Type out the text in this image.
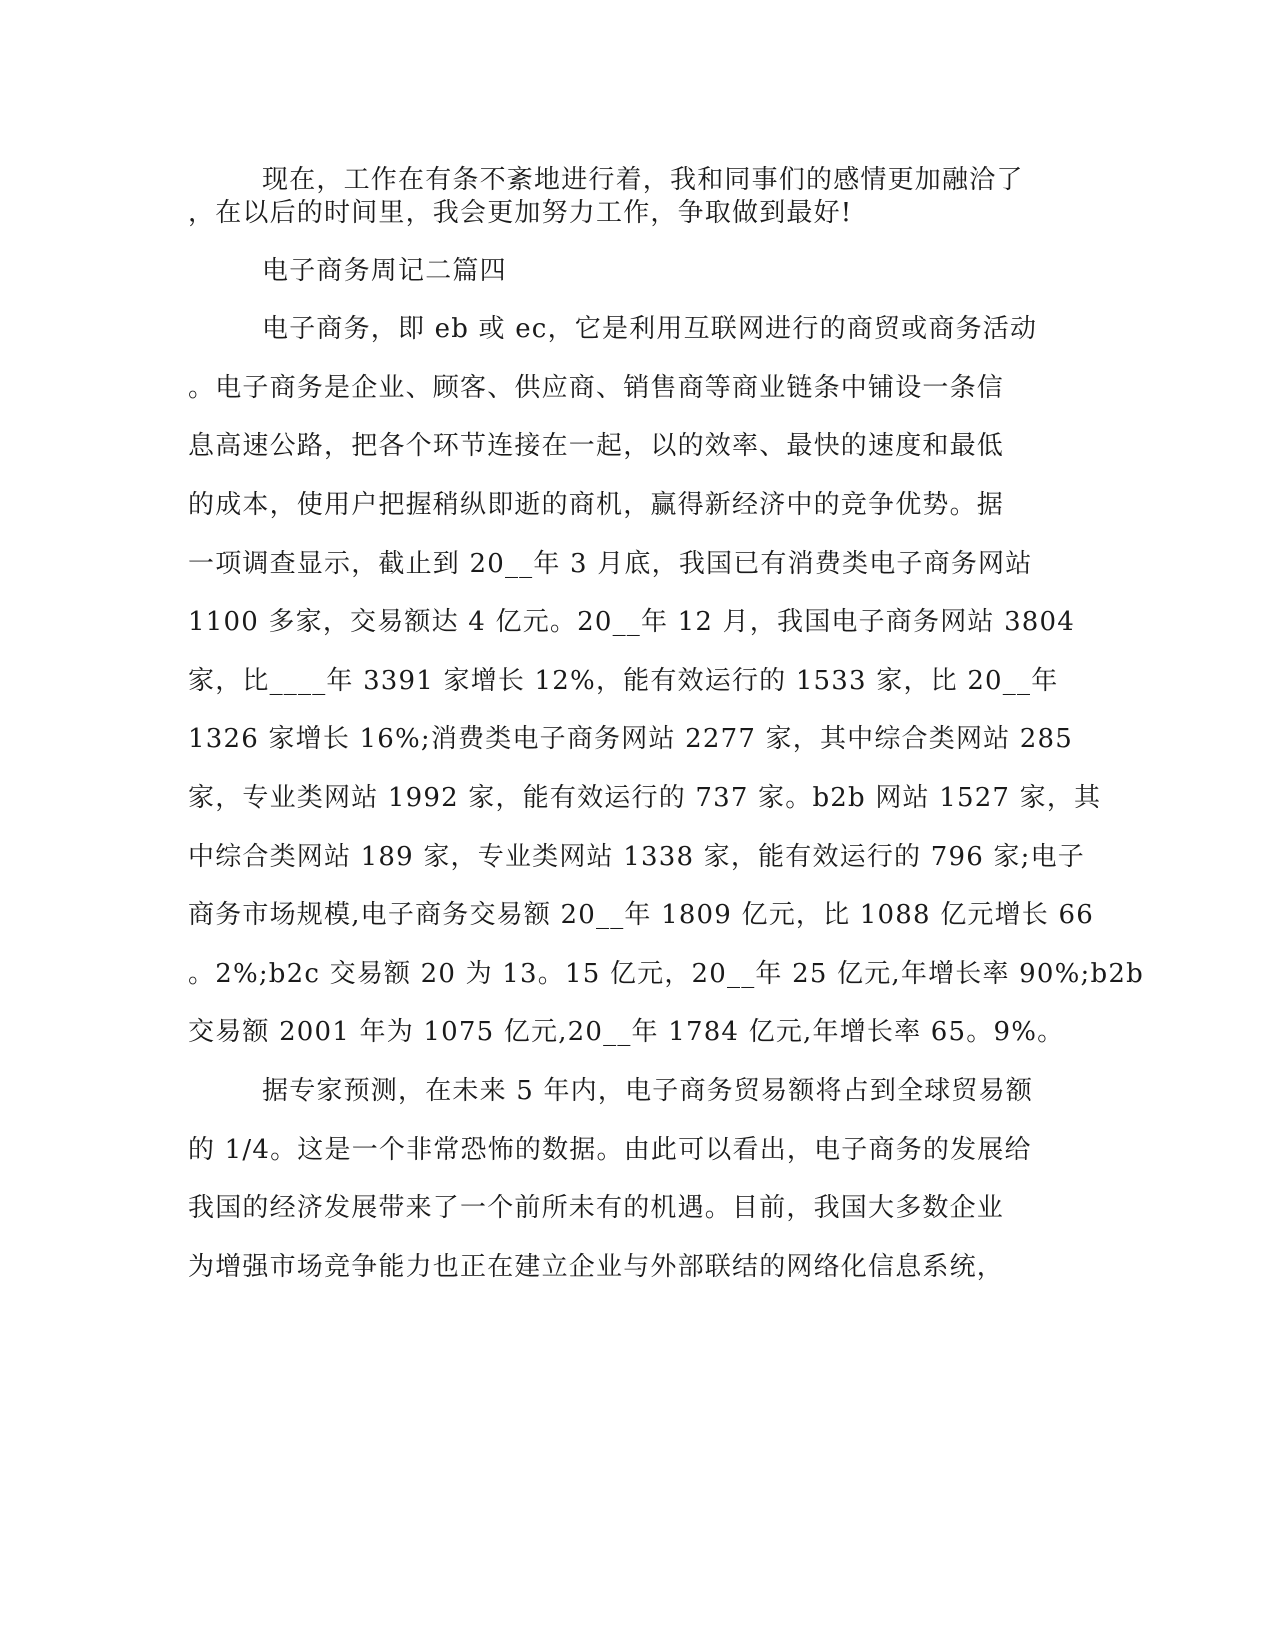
现在，工作在有条不紊地进行着，我和同事们的感情更加融洽了

，在以后的时间里，我会更加努力工作，争取做到最好!

电子商务周记二篇四

电子商务，即 eb 或 ec，它是利用互联网进行的商贸或商务活动

。电子商务是企业、顾客、供应商、销售商等商业链条中铺设一条信

息高速公路，把各个环节连接在一起，以的效率、最快的速度和最低

的成本，使用户把握稍纵即逝的商机，赢得新经济中的竞争优势。据

一项调查显示，截止到 20__年 3 月底，我国已有消费类电子商务网站

1100 多家，交易额达 4 亿元。20__年 12 月，我国电子商务网站 3804

家，比____年 3391 家增长 12%，能有效运行的 1533 家，比 20__年

1326 家增长 16%;消费类电子商务网站 2277 家，其中综合类网站 285

家，专业类网站 1992 家，能有效运行的 737 家。b2b 网站 1527 家，其

中综合类网站 189 家，专业类网站 1338 家，能有效运行的 796 家;电子

商务市场规模,电子商务交易额 20__年 1809 亿元，比 1088 亿元增长 66

。2%;b2c 交易额 20 为 13。15 亿元，20__年 25 亿元,年增长率 90%;b2b

交易额 2001 年为 1075 亿元,20__年 1784 亿元,年增长率 65。9%。

据专家预测，在未来 5 年内，电子商务贸易额将占到全球贸易额

的 1/4。这是一个非常恐怖的数据。由此可以看出，电子商务的发展给

我国的经济发展带来了一个前所未有的机遇。目前，我国大多数企业

为增强市场竞争能力也正在建立企业与外部联结的网络化信息系统，
